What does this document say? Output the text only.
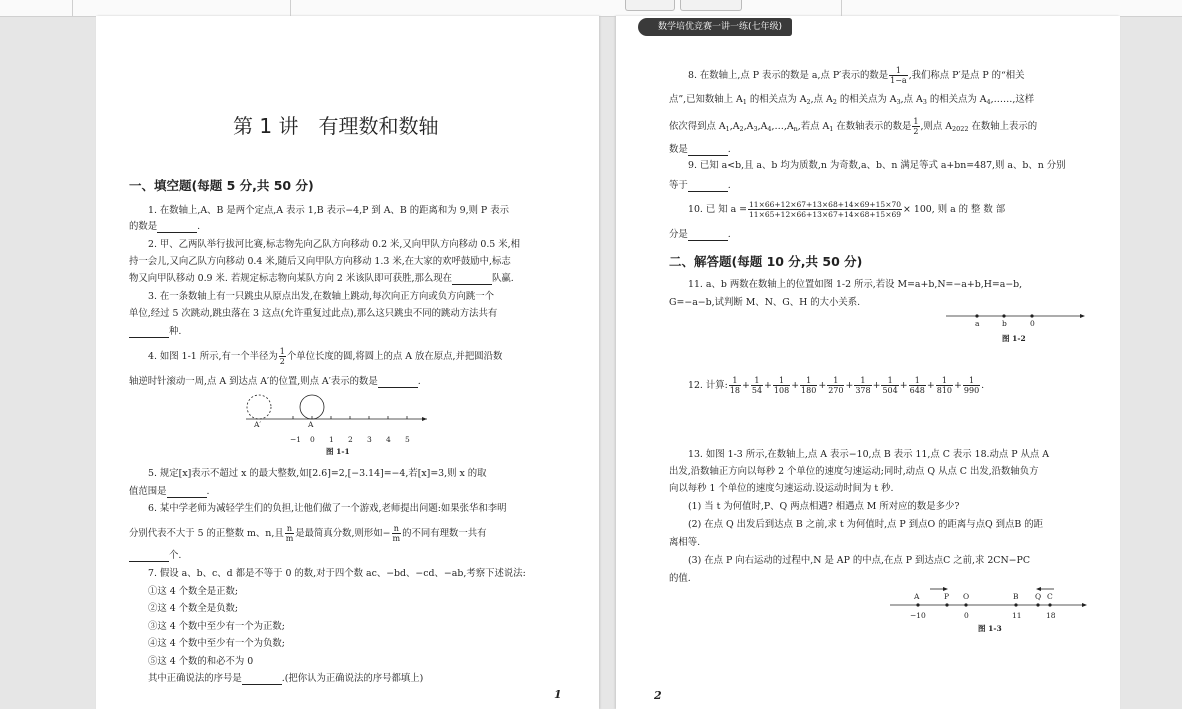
第 1 讲　有理数和数轴
一、填空题(每题 5 分,共 50 分)
1. 在数轴上,A、B 是两个定点,A 表示 1,B 表示−4,P 到 A、B 的距离和为 9,则 P 表示
的数是	.
2. 甲、乙两队举行拔河比赛,标志物先向乙队方向移动 0.2 米,又向甲队方向移动 0.5 米,相
持一会儿,又向乙队方向移动 0.4 米,随后又向甲队方向移动 1.3 米,在大家的欢呼鼓励中,标志
物又向甲队移动 0.9 米. 若规定标志物向某队方向 2 米该队即可获胜,那么现在	队赢.
3. 在一条数轴上有一只跳虫从原点出发,在数轴上跳动,每次向正方向或负方向跳一个
单位,经过 5 次跳动,跳虫落在 3 这点(允许重复过此点),那么这只跳虫不同的跳动方法共有
种.
4. 如图 1-1 所示,有一个半径为 $\frac{1}{2}$ 个单位长度的圆,将圆上的点 A 放在原点,并把圆沿数
轴逆时针滚动一周,点 A 到达点 A′的位置,则点 A′表示的数是	.
A′	A
−1 0 1 2 3 4 5
图 1-1
5. 规定[x]表示不超过 x 的最大整数,如[2.6]=2,[−3.14]=−4,若[x]=3,则 x 的取
值范围是	.
6. 某中学老师为减轻学生们的负担,让他们做了一个游戏,老师提出问题:如果张华和李明
分别代表不大于 5 的正整数 m、n,且 $\frac{n}{m}$ 是最简真分数,则形如− $\frac{n}{m}$ 的不同有理数一共有
个.
7. 假设 a、b、c、d 都是不等于 0 的数,对于四个数 ac、−bd、−cd、−ab,考察下述说法:
①这 4 个数全是正数;
②这 4 个数全是负数;
③这 4 个数中至少有一个为正数;
④这 4 个数中至少有一个为负数;
⑤这 4 个数的和必不为 0
其中正确说法的序号是	.(把你认为正确说法的序号都填上)
1
数学培优竞赛一讲一练(七年级)
8. 在数轴上,点 P 表示的数是 a,点 P′表示的数是 $\frac{1}{1-a}$ ,我们称点 P′是点 P 的“相关
点”,已知数轴上 $A_1$ 的相关点为 $A_2$,点 $A_2$ 的相关点为 $A_3$,点 $A_3$ 的相关点为 $A_4,\dots\dots$,这样
依次得到点 $A_1,A_2,A_3,A_4,\dots,A_n$,若点 $A_1$ 在数轴表示的数是 $\frac{1}{2}$ ,则点 $A_{2022}$ 在数轴上表示的
数是	.
9. 已知 a<b,且 a、b 均为质数,n 为奇数,a、b、n 满足等式 a+bn=487,则 a、b、n 分别
等于	.
10. 已 知 $a = \frac{11\times 66+12\times 67+13\times 68+14\times 69+15\times 70}{11\times 65+12\times 66+13\times 67+14\times 68+15\times 69} \times 100$, 则 a 的 整 数 部
分是	.
二、解答题(每题 10 分,共 50 分)
11. a、b 两数在数轴上的位置如图 1-2 所示,若设 M=a+b,N=−a+b,H=a−b,
G=−a−b,试判断 M、N、G、H 的大小关系.
a	b	0
图 1-2
12. 计算: $\frac{1}{18} + \frac{1}{54} + \frac{1}{108} + \frac{1}{180} + \frac{1}{270} + \frac{1}{378} + \frac{1}{504} + \frac{1}{648} + \frac{1}{810} + \frac{1}{990}$ .
13. 如图 1-3 所示,在数轴上,点 A 表示−10,点 B 表示 11,点 C 表示 18.动点 P 从点 A
出发,沿数轴正方向以每秒 2 个单位的速度匀速运动;同时,动点 Q 从点 C 出发,沿数轴负方
向以每秒 1 个单位的速度匀速运动.设运动时间为 t 秒.
(1) 当 t 为何值时,P、Q 两点相遇? 相遇点 M 所对应的数是多少?
(2) 在点 Q 出发后到达点 B 之前,求 t 为何值时,点 P 到点O 的距离与点Q 到点B 的距
离相等.
(3) 在点 P 向右运动的过程中,N 是 AP 的中点,在点 P 到达点C 之前,求 2CN−PC
的值.
A	P O	B Q C
−10	0	11	18
图 1-3
2
